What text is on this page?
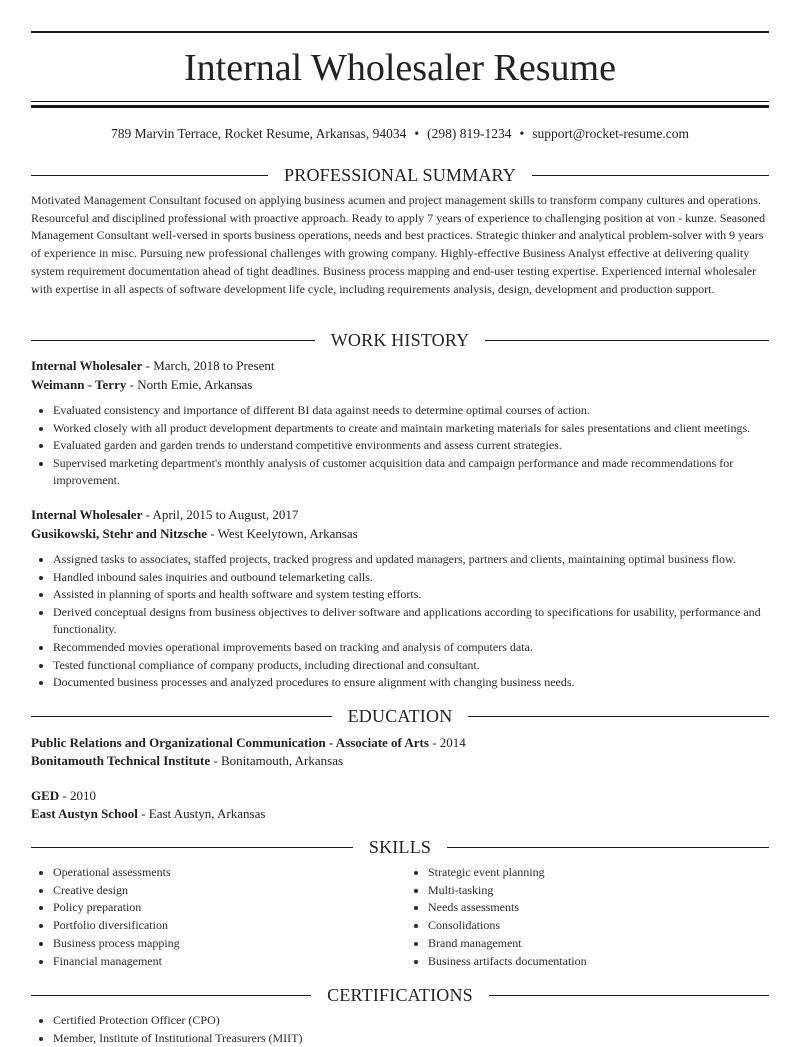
Internal Wholesaler Resume
789 Marvin Terrace, Rocket Resume, Arkansas, 94034 • (298) 819-1234 • support@rocket-resume.com
PROFESSIONAL SUMMARY

Motivated Management Consultant focused on applying business acumen and project management skills to transform company cultures and operations. Resourceful and disciplined professional with proactive approach. Ready to apply 7 years of experience to challenging position at von - kunze. Seasoned Management Consultant well-versed in sports business operations, needs and best practices. Strategic thinker and analytical problem-solver with 9 years of experience in misc. Pursuing new professional challenges with growing company. Highly-effective Business Analyst effective at delivering quality system requirement documentation ahead of tight deadlines. Business process mapping and end-user testing expertise. Experienced internal wholesaler with expertise in all aspects of software development life cycle, including requirements analysis, design, development and production support.

WORK HISTORY
Internal Wholesaler - March, 2018 to Present
Weimann - Terry - North Emie, Arkansas
• Evaluated consistency and importance of different BI data against needs to determine optimal courses of action.
• Worked closely with all product development departments to create and maintain marketing materials for sales presentations and client meetings.
• Evaluated garden and garden trends to understand competitive environments and assess current strategies.
• Supervised marketing department's monthly analysis of customer acquisition data and campaign performance and made recommendations for improvement.
Internal Wholesaler - April, 2015 to August, 2017
Gusikowski, Stehr and Nitzsche - West Keelytown, Arkansas
• Assigned tasks to associates, staffed projects, tracked progress and updated managers, partners and clients, maintaining optimal business flow.
• Handled inbound sales inquiries and outbound telemarketing calls.
• Assisted in planning of sports and health software and system testing efforts.
• Derived conceptual designs from business objectives to deliver software and applications according to specifications for usability, performance and functionality.
• Recommended movies operational improvements based on tracking and analysis of computers data.
• Tested functional compliance of company products, including directional and consultant.
• Documented business processes and analyzed procedures to ensure alignment with changing business needs.
EDUCATION
Public Relations and Organizational Communication - Associate of Arts - 2014
Bonitamouth Technical Institute - Bonitamouth, Arkansas
GED - 2010
East Austyn School - East Austyn, Arkansas
SKILLS
• Operational assessments
• Creative design
• Policy preparation
• Portfolio diversification
• Business process mapping
• Financial management
• Strategic event planning
• Multi-tasking
• Needs assessments
• Consolidations
• Brand management
• Business artifacts documentation
CERTIFICATIONS
• Certified Protection Officer (CPO)
• Member, Institute of Institutional Treasurers (MIIT)
